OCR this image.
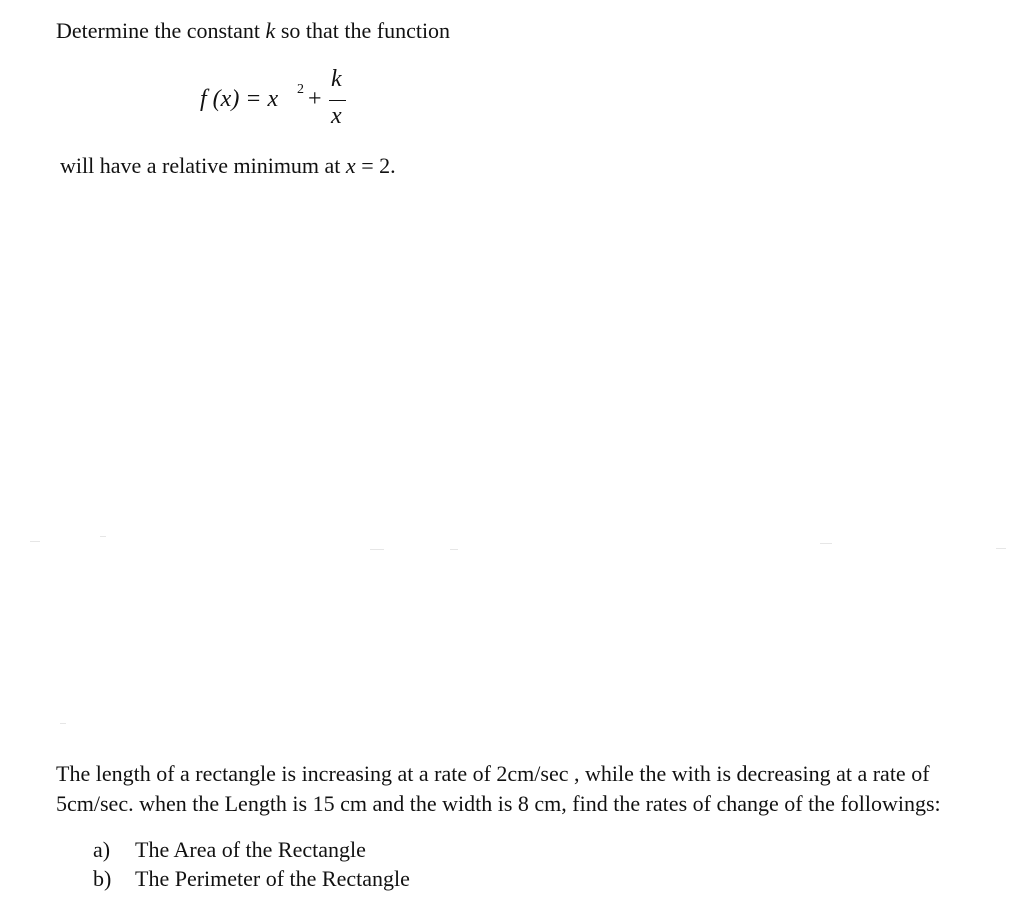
Determine the constant k so that the function
f (x) = x 2 +
k
x
will have a relative minimum at x = 2.
The length of a rectangle is increasing at a rate of 2cm/sec , while the with is decreasing at a rate of
5cm/sec. when the Length is 15 cm and the width is 8 cm, find the rates of change of the followings:
a) The Area of the Rectangle
b) The Perimeter of the Rectangle
